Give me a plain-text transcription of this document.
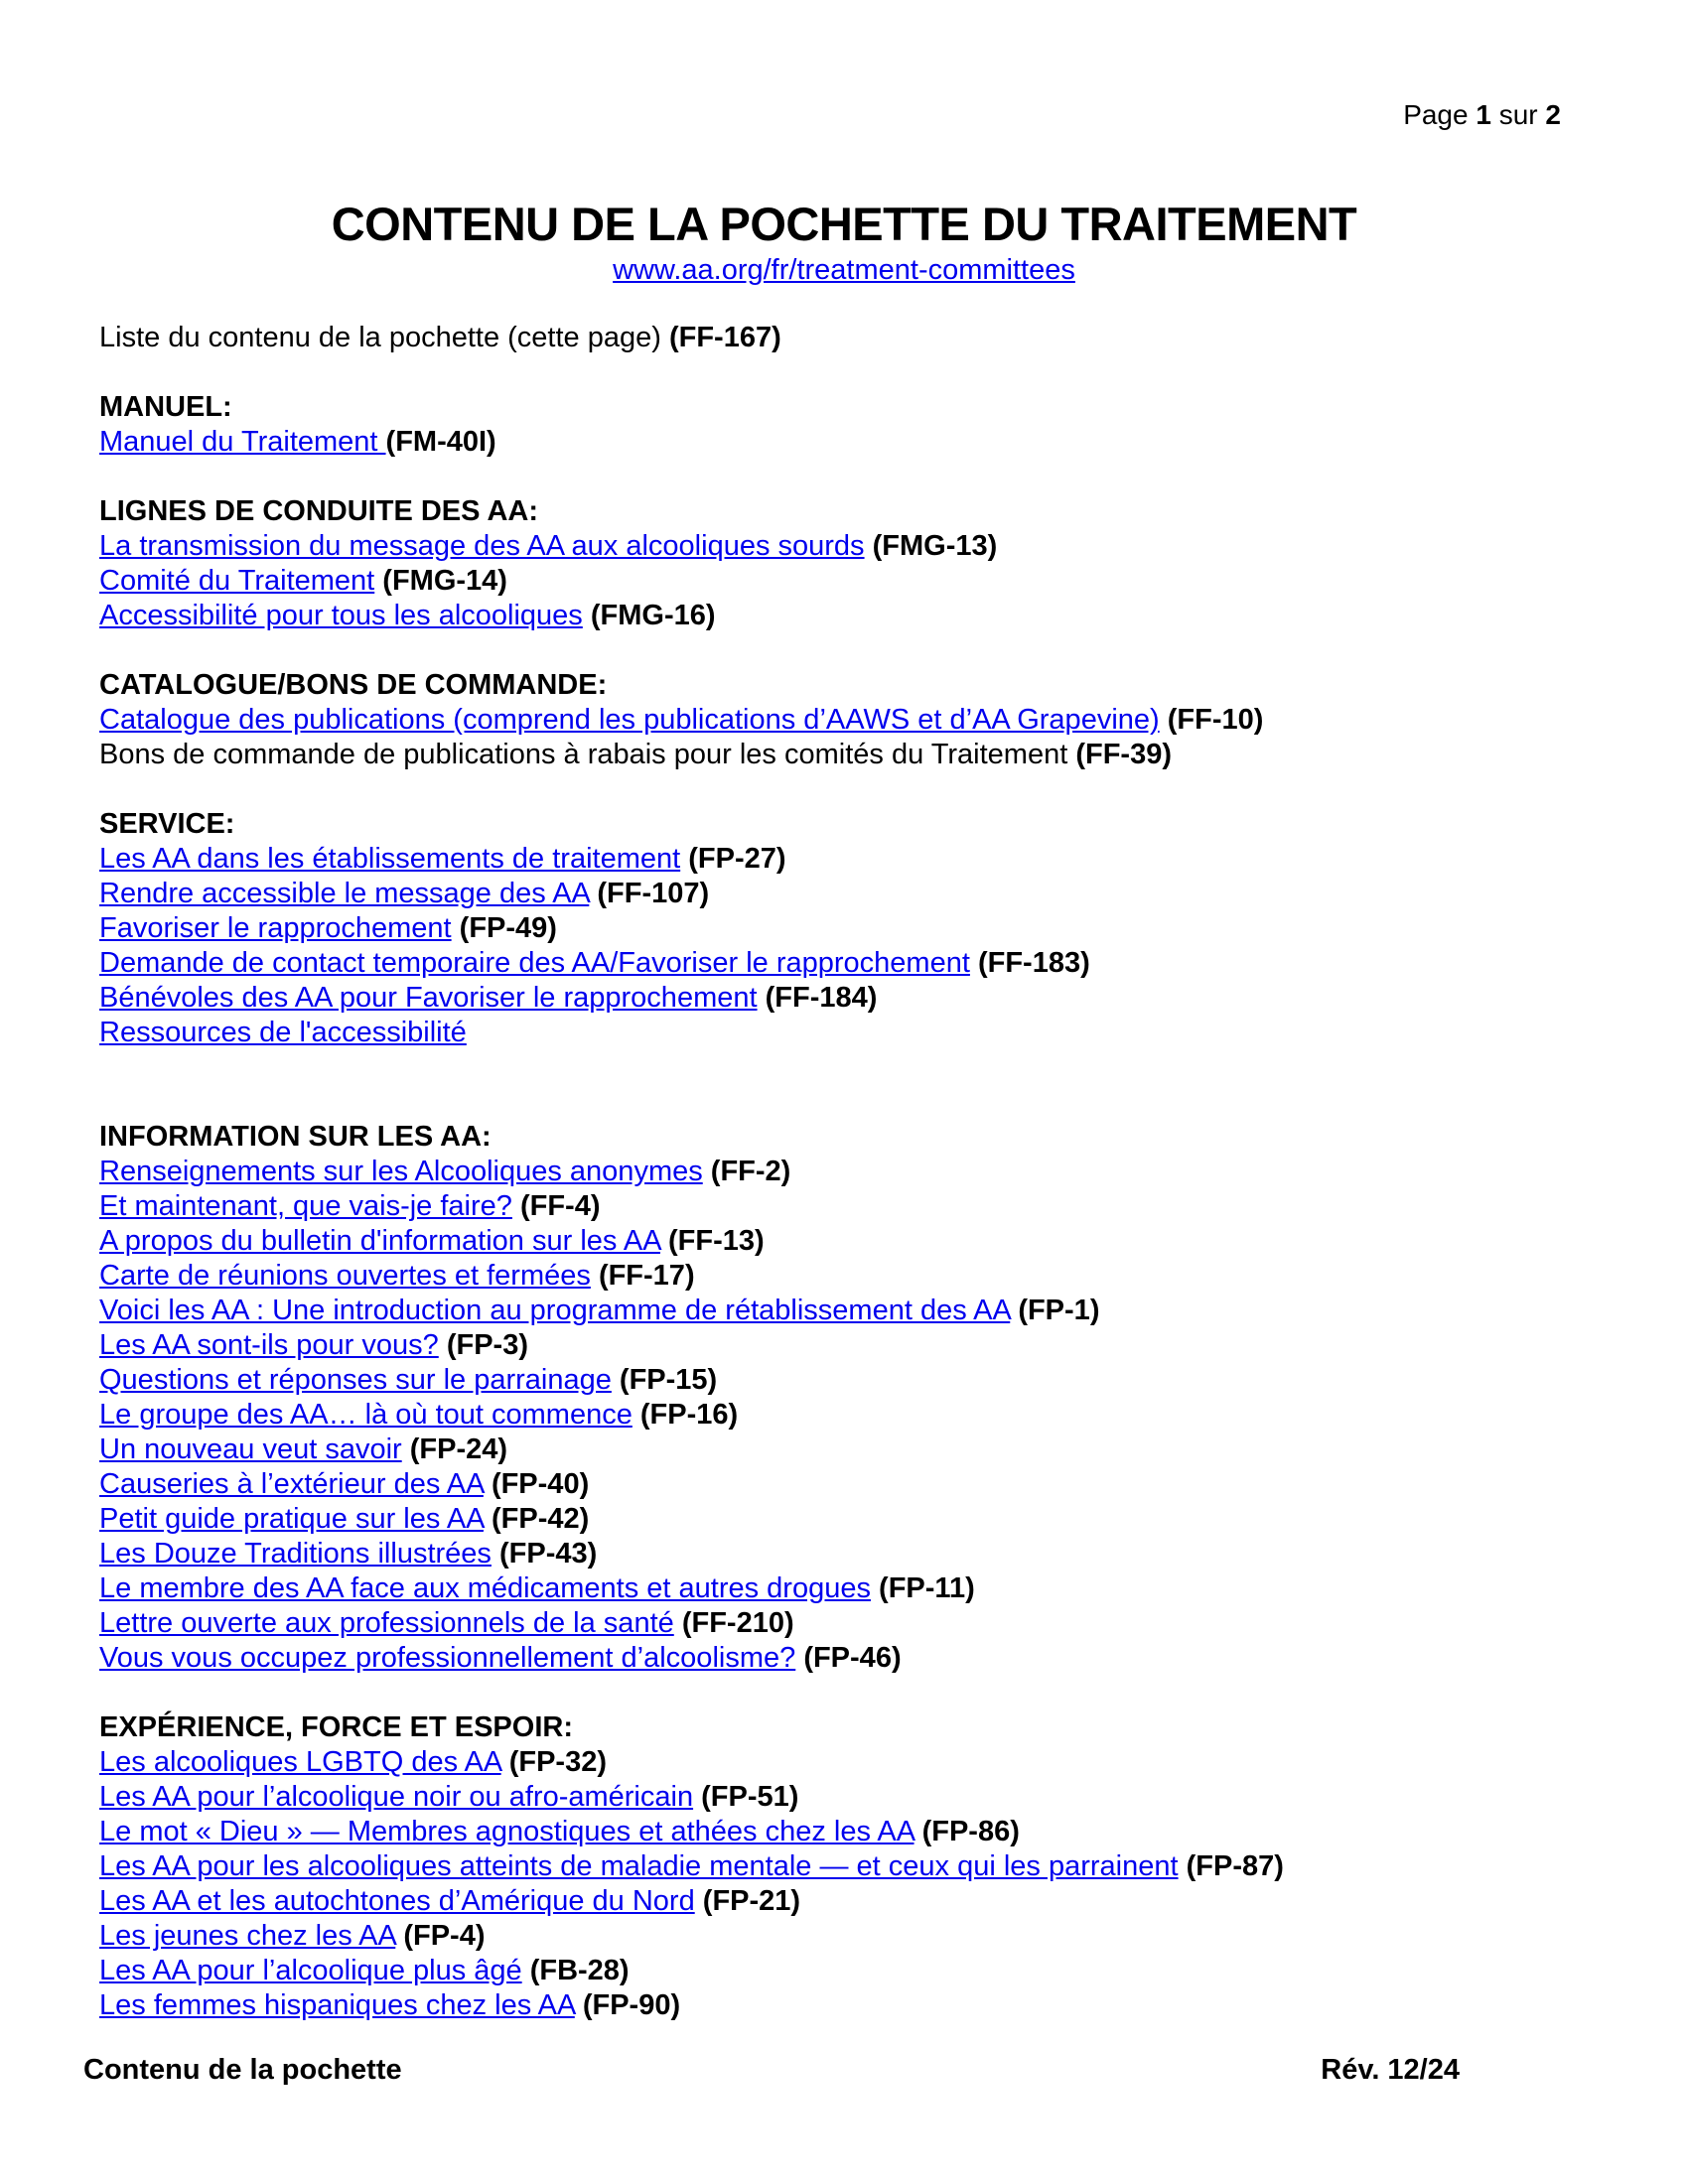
Page 1 sur 2
CONTENU DE LA POCHETTE DU TRAITEMENT
www.aa.org/fr/treatment-committees
Liste du contenu de la pochette (cette page) (FF-167)
MANUEL:
Manuel du Traitement (FM-40I)
LIGNES DE CONDUITE DES AA:
La transmission du message des AA aux alcooliques sourds (FMG-13)
Comité du Traitement (FMG-14)
Accessibilité pour tous les alcooliques (FMG-16)
CATALOGUE/BONS DE COMMANDE:
Catalogue des publications (comprend les publications d’AAWS et d’AA Grapevine) (FF-10)
Bons de commande de publications à rabais pour les comités du Traitement (FF-39)
SERVICE:
Les AA dans les établissements de traitement (FP-27)
Rendre accessible le message des AA (FF-107)
Favoriser le rapprochement (FP-49)
Demande de contact temporaire des AA/Favoriser le rapprochement (FF-183)
Bénévoles des AA pour Favoriser le rapprochement (FF-184)
Ressources de l'accessibilité
INFORMATION SUR LES AA:
Renseignements sur les Alcooliques anonymes (FF-2)
Et maintenant, que vais-je faire? (FF-4)
A propos du bulletin d'information sur les AA (FF-13)
Carte de réunions ouvertes et fermées (FF-17)
Voici les AA : Une introduction au programme de rétablissement des AA (FP-1)
Les AA sont-ils pour vous? (FP-3)
Questions et réponses sur le parrainage (FP-15)
Le groupe des AA… là où tout commence (FP-16)
Un nouveau veut savoir (FP-24)
Causeries à l’extérieur des AA (FP-40)
Petit guide pratique sur les AA (FP-42)
Les Douze Traditions illustrées (FP-43)
Le membre des AA face aux médicaments et autres drogues (FP-11)
Lettre ouverte aux professionnels de la santé (FF-210)
Vous vous occupez professionnellement d’alcoolisme? (FP-46)
EXPÉRIENCE, FORCE ET ESPOIR:
Les alcooliques LGBTQ des AA (FP-32)
Les AA pour l’alcoolique noir ou afro-américain (FP-51)
Le mot « Dieu » — Membres agnostiques et athées chez les AA (FP-86)
Les AA pour les alcooliques atteints de maladie mentale — et ceux qui les parrainent (FP-87)
Les AA et les autochtones d’Amérique du Nord (FP-21)
Les jeunes chez les AA (FP-4)
Les AA pour l’alcoolique plus âgé (FB-28)
Les femmes hispaniques chez les AA (FP-90)
Contenu de la pochette	Rév. 12/24
